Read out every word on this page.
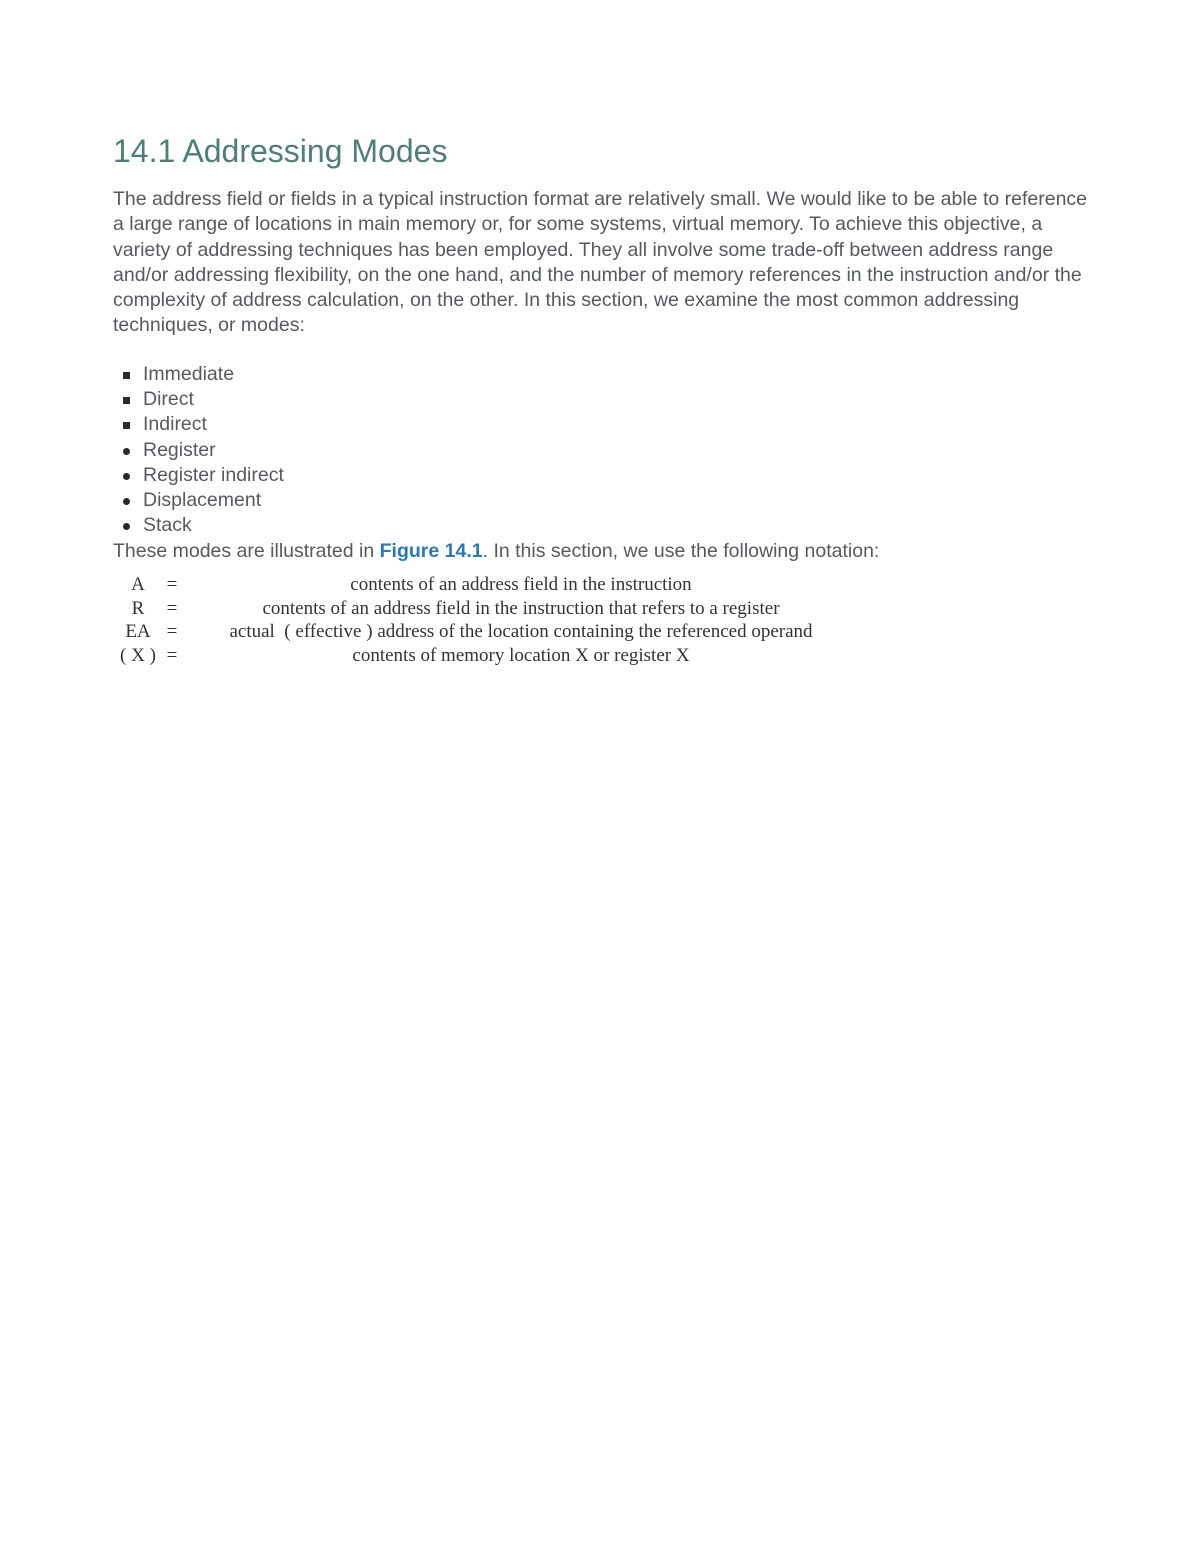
14.1 Addressing Modes

The address field or fields in a typical instruction format are relatively small. We would like to be able to reference a large range of locations in main memory or, for some systems, virtual memory. To achieve this objective, a variety of addressing techniques has been employed. They all involve some trade-off between address range and/or addressing flexibility, on the one hand, and the number of memory references in the instruction and/or the complexity of address calculation, on the other. In this section, we examine the most common addressing techniques, or modes:

Immediate
Direct
Indirect
Register
Register indirect
Displacement
Stack

These modes are illustrated in Figure 14.1. In this section, we use the following notation:

A	=	contents of an address field in the instruction
R	=	contents of an address field in the instruction that refers to a register
EA =	actual  ( effective ) address of the location containing the referenced operand
( X ) =	contents of memory location X or register X
